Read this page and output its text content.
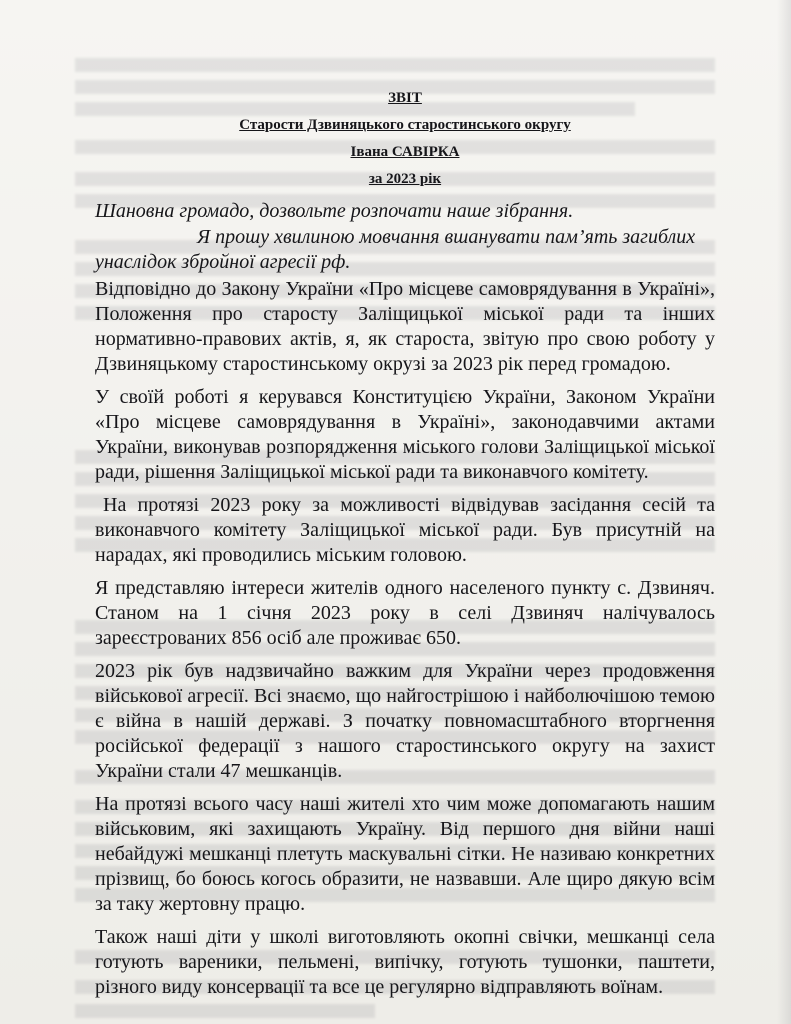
ЗВІТ

Старости Дзвиняцького старостинського округу

Івана САВІРКА

за 2023 рік

Шановна громадо, дозвольте розпочати наше зібрання.

Я прошу хвилиною мовчання вшанувати пам’ять загиблих унаслідок збройної агресії рф.

Відповідно до Закону України «Про місцеве самоврядування в Україні», Положення про старосту Заліщицької міської ради та інших нормативно-правових актів, я, як староста, звітую про свою роботу у Дзвиняцькому старостинському окрузі за 2023 рік перед громадою.

У своїй роботі я керувався Конституцією України, Законом України «Про місцеве самоврядування в Україні», законодавчими актами України, виконував розпорядження міського голови Заліщицької міської ради, рішення Заліщицької міської ради та виконавчого комітету.

На протязі 2023 року за можливості відвідував засідання сесій та виконавчого комітету Заліщицької міської ради. Був присутній на нарадах, які проводились міським головою.

Я представляю інтереси жителів одного населеного пункту с. Дзвиняч. Станом на 1 січня 2023 року в селі Дзвиняч налічувалось зареєстрованих 856 осіб але проживає 650.

2023 рік був надзвичайно важким для України через продовження військової агресії. Всі знаємо, що найгострішою і найболючішою темою є війна в нашій державі. З початку повномасштабного вторгнення російської федерації з нашого старостинського округу на захист України стали 47 мешканців.

На протязі всього часу наші жителі хто чим може допомагають нашим військовим, які захищають Україну. Від першого дня війни наші небайдужі мешканці плетуть маскувальні сітки. Не називаю конкретних прізвищ, бо боюсь когось образити, не назвавши. Але щиро дякую всім за таку жертовну працю.

Також наші діти у школі виготовляють окопні свічки, мешканці села готують вареники, пельмені, випічку, готують тушонки, паштети, різного виду консервації та все це регулярно відправляють воїнам.
